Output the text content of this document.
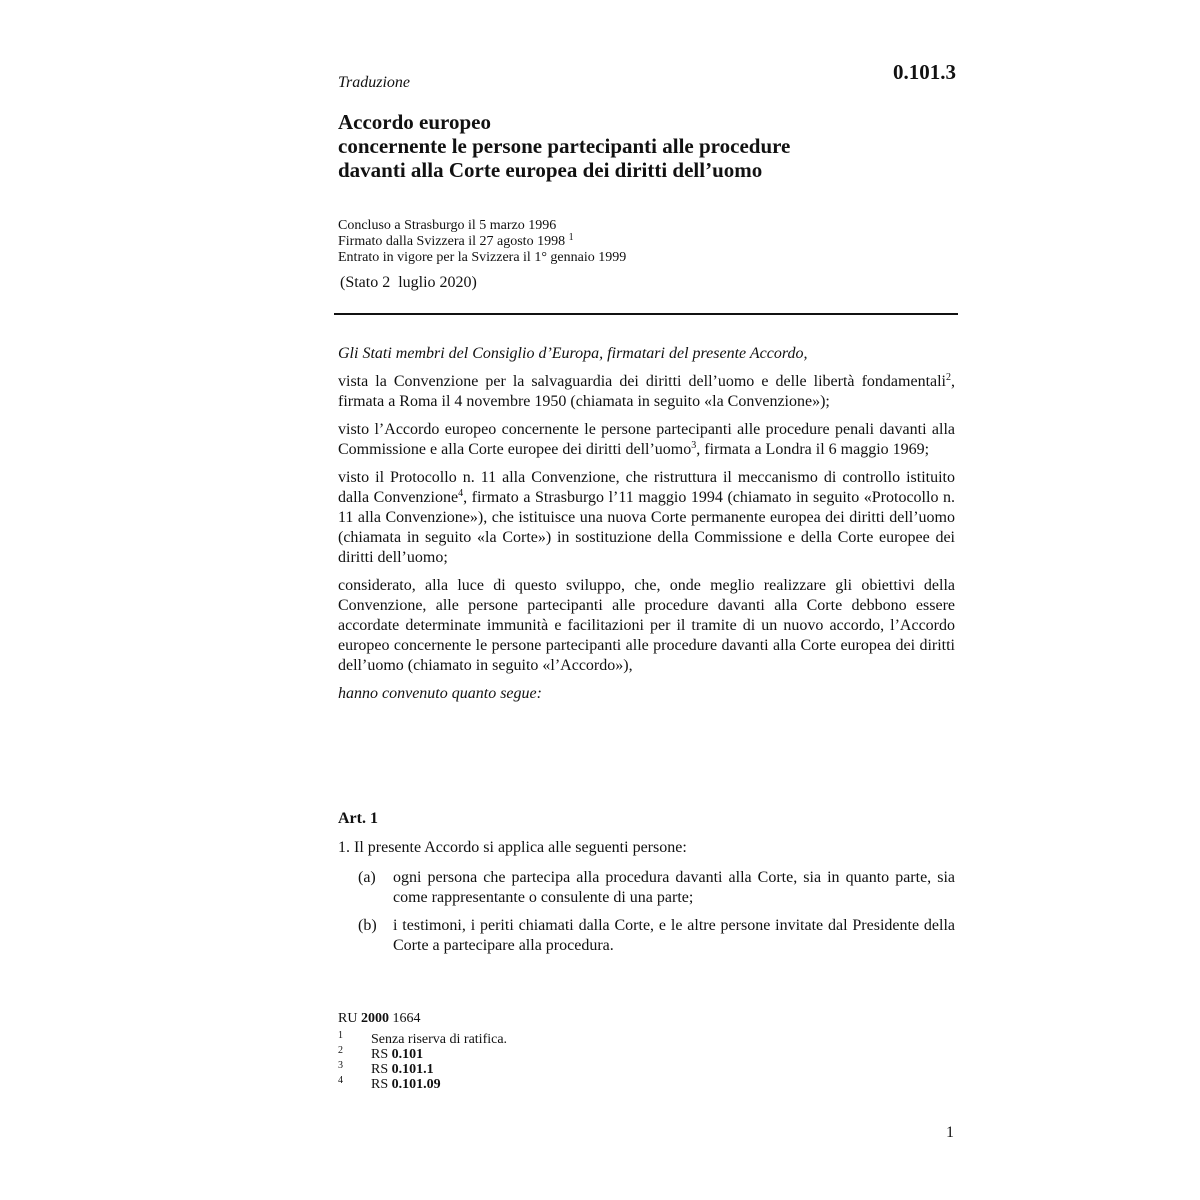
0.101.3
Traduzione
Accordo europeo
concernente le persone partecipanti alle procedure
davanti alla Corte europea dei diritti dell’uomo
Concluso a Strasburgo il 5 marzo 1996
Firmato dalla Svizzera il 27 agosto 1998 $^1$
Entrato in vigore per la Svizzera il 1° gennaio 1999
(Stato 2  luglio 2020)

Gli Stati membri del Consiglio d’Europa, firmatari del presente Accordo,

vista la Convenzione per la salvaguardia dei diritti dell’uomo e delle libertà fondamentali$^2$, firmata a Roma il 4 novembre 1950 (chiamata in seguito «la Convenzione»);

visto l’Accordo europeo concernente le persone partecipanti alle procedure penali davanti alla Commissione e alla Corte europee dei diritti dell’uomo$^3$, firmata a Londra il 6 maggio 1969;

visto il Protocollo n. 11 alla Convenzione, che ristruttura il meccanismo di controllo istituito dalla Convenzione$^4$, firmato a Strasburgo l’11 maggio 1994 (chiamato in seguito «Protocollo n. 11 alla Convenzione»), che istituisce una nuova Corte permanente europea dei diritti dell’uomo (chiamata in seguito «la Corte») in sostituzione della Commissione e della Corte europee dei diritti dell’uomo;

considerato, alla luce di questo sviluppo, che, onde meglio realizzare gli obiettivi della Convenzione, alle persone partecipanti alle procedure davanti alla Corte debbono essere accordate determinate immunità e facilitazioni per il tramite di un nuovo accordo, l’Accordo europeo concernente le persone partecipanti alle procedure davanti alla Corte europea dei diritti dell’uomo (chiamato in seguito «l’Accordo»),

hanno convenuto quanto segue:

Art. 1
1. Il presente Accordo si applica alle seguenti persone:
(a) ogni persona che partecipa alla procedura davanti alla Corte, sia in quanto parte, sia come rappresentante o consulente di una parte;
(b) i testimoni, i periti chiamati dalla Corte, e le altre persone invitate dal Presidente della Corte a partecipare alla procedura.
RU 2000 1664
1 Senza riserva di ratifica.
2 RS 0.101
3 RS 0.101.1
4 RS 0.101.09
1
